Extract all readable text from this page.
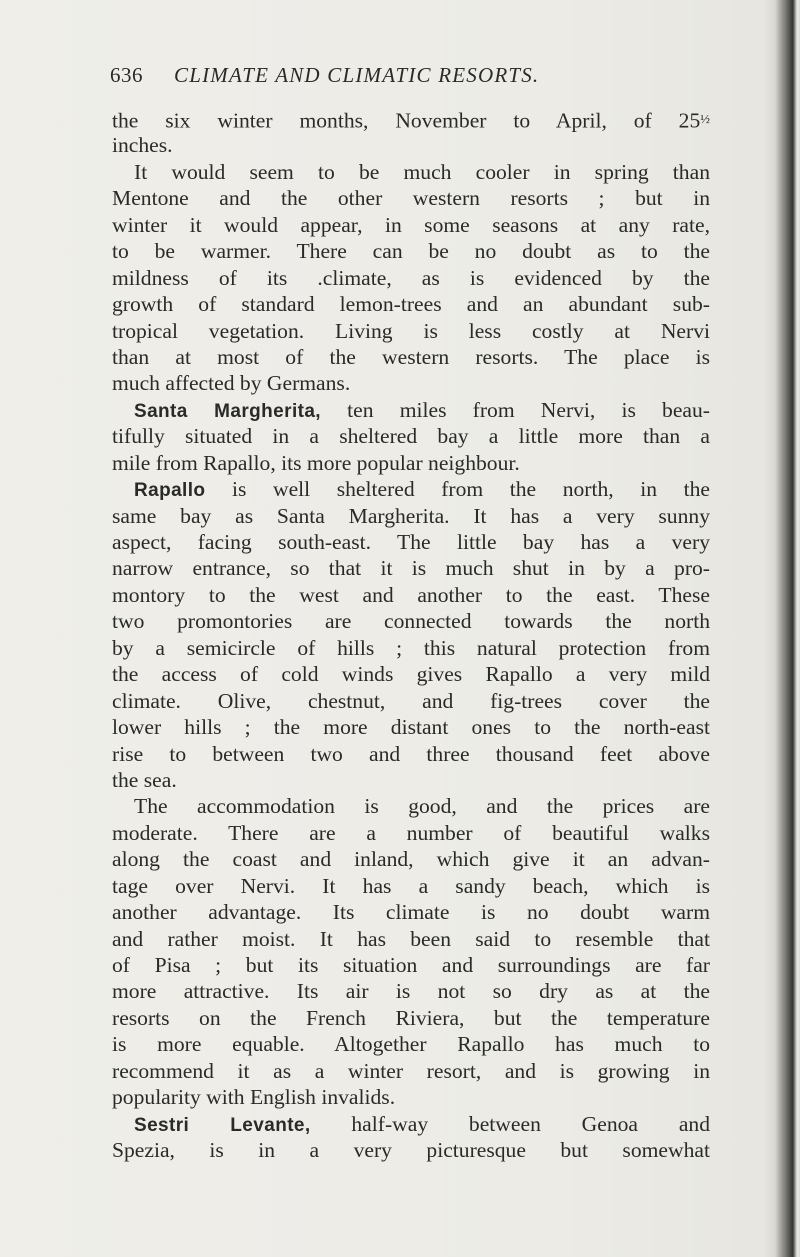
636 CLIMATE AND CLIMATIC RESORTS.
the six winter months, November to April, of $25^{\frac{1}{2}}$
inches.
It would seem to be much cooler in spring than
Mentone and the other western resorts ; but in
winter it would appear, in some seasons at any rate,
to be warmer. There can be no doubt as to the
mildness of its .climate, as is evidenced by the
growth of standard lemon-trees and an abundant sub-
tropical vegetation. Living is less costly at Nervi
than at most of the western resorts. The place is
much affected by Germans.
Santa Margherita, ten miles from Nervi, is beau-
tifully situated in a sheltered bay a little more than a
mile from Rapallo, its more popular neighbour.
Rapallo is well sheltered from the north, in the
same bay as Santa Margherita. It has a very sunny
aspect, facing south-east. The little bay has a very
narrow entrance, so that it is much shut in by a pro-
montory to the west and another to the east. These
two promontories are connected towards the north
by a semicircle of hills ; this natural protection from
the access of cold winds gives Rapallo a very mild
climate. Olive, chestnut, and fig-trees cover the
lower hills ; the more distant ones to the north-east
rise to between two and three thousand feet above
the sea.
The accommodation is good, and the prices are
moderate. There are a number of beautiful walks
along the coast and inland, which give it an advan-
tage over Nervi. It has a sandy beach, which is
another advantage. Its climate is no doubt warm
and rather moist. It has been said to resemble that
of Pisa ; but its situation and surroundings are far
more attractive. Its air is not so dry as at the
resorts on the French Riviera, but the temperature
is more equable. Altogether Rapallo has much to
recommend it as a winter resort, and is growing in
popularity with English invalids.
Sestri Levante, half-way between Genoa and
Spezia, is in a very picturesque but somewhat
